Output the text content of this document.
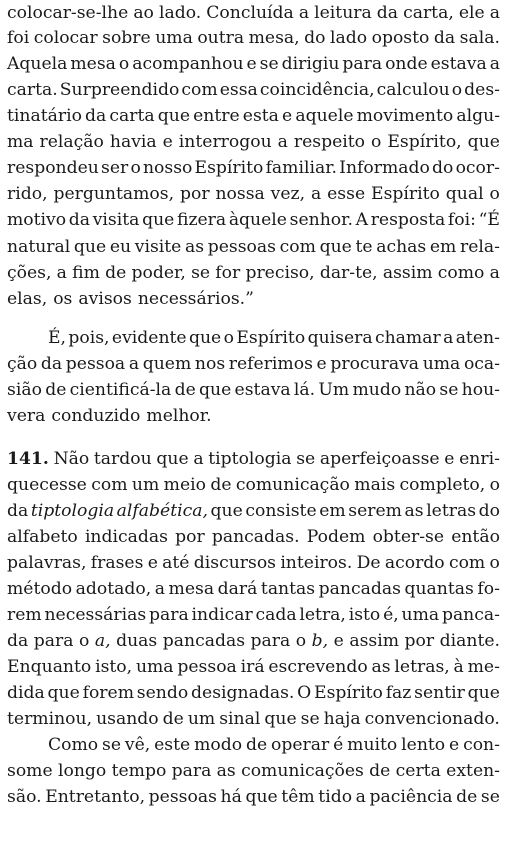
colocar-se-lhe ao lado. Concluída a leitura da carta, ele a
foi colocar sobre uma outra mesa, do lado oposto da sala.
Aquela mesa o acompanhou e se dirigiu para onde estava a
carta. Surpreendido com essa coincidência, calculou o des-
tinatário da carta que entre esta e aquele movimento algu-
ma relação havia e interrogou a respeito o Espírito, que
respondeu ser o nosso Espírito familiar. Informado do ocor-
rido, perguntamos, por nossa vez, a esse Espírito qual o
motivo da visita que fizera àquele senhor. A resposta foi: “É
natural que eu visite as pessoas com que te achas em rela-
ções, a fim de poder, se for preciso, dar-te, assim como a
elas, os avisos necessários.”
É, pois, evidente que o Espírito quisera chamar a aten-
ção da pessoa a quem nos referimos e procurava uma oca-
sião de cientificá-la de que estava lá. Um mudo não se hou-
vera conduzido melhor.
141. Não tardou que a tiptologia se aperfeiçoasse e enri-
quecesse com um meio de comunicação mais completo, o
da tiptologia alfabética, que consiste em serem as letras do
alfabeto indicadas por pancadas. Podem obter-se então
palavras, frases e até discursos inteiros. De acordo com o
método adotado, a mesa dará tantas pancadas quantas fo-
rem necessárias para indicar cada letra, isto é, uma panca-
da para o a, duas pancadas para o b, e assim por diante.
Enquanto isto, uma pessoa irá escrevendo as letras, à me-
dida que forem sendo designadas. O Espírito faz sentir que
terminou, usando de um sinal que se haja convencionado.
Como se vê, este modo de operar é muito lento e con-
some longo tempo para as comunicações de certa exten-
são. Entretanto, pessoas há que têm tido a paciência de se
